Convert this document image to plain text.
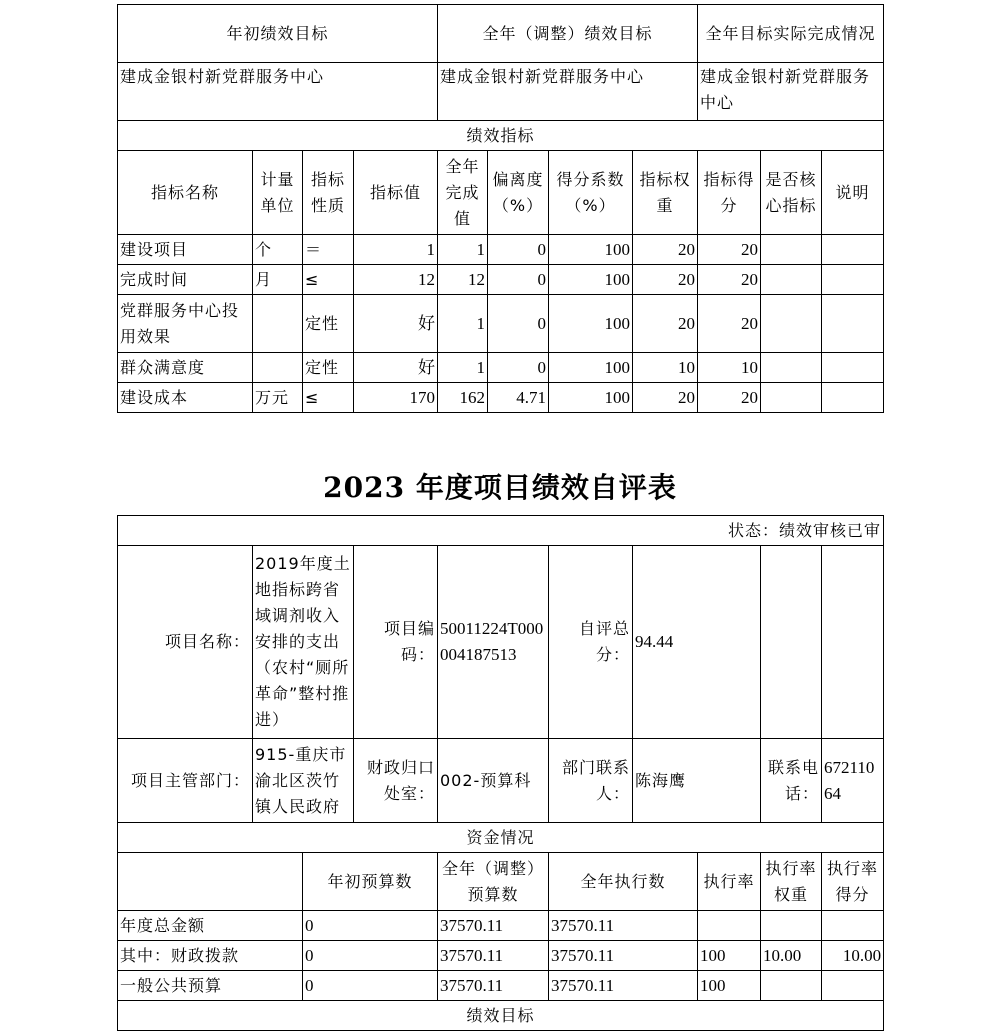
年初绩效目标				全年（调整）绩效目标				全年目标实际完成情况		
建成金银村新党群服务中心				建成金银村新党群服务中心				建成金银村新党群服务中心		
绩效指标										
指标名称	计量单位	指标性质	指标值	全年完成值	偏离度（%）	得分系数（%）	指标权重	指标得分	是否核心指标	说明
建设项目	个	＝	1	1	0	100	20	20		
完成时间	月	≤	12	12	0	100	20	20		
党群服务中心投用效果		定性	好	1	0	100	20	20		
群众满意度		定性	好	1	0	100	10	10		
建设成本	万元	≤	170	162	4.71	100	20	20		
2023 年度项目绩效自评表
状态：绩效审核已审									
项目名称：	2019年度土地指标跨省域调剂收入安排的支出（农村“厕所革命”整村推进）		项目编码：	50011224T000004187513	自评总分：	94.44			
项目主管部门：	915-重庆市渝北区茨竹镇人民政府		财政归口处室：	002-预算科	部门联系人：	陈海鹰		联系电话：	67211064
资金情况									
		年初预算数		全年（调整）预算数	全年执行数		执行率	执行率权重	执行率得分
年度总金额		0		37570.11	37570.11				
其中：财政拨款		0		37570.11	37570.11		100	10.00	10.00
一般公共预算		0		37570.11	37570.11		100		
绩效目标									
